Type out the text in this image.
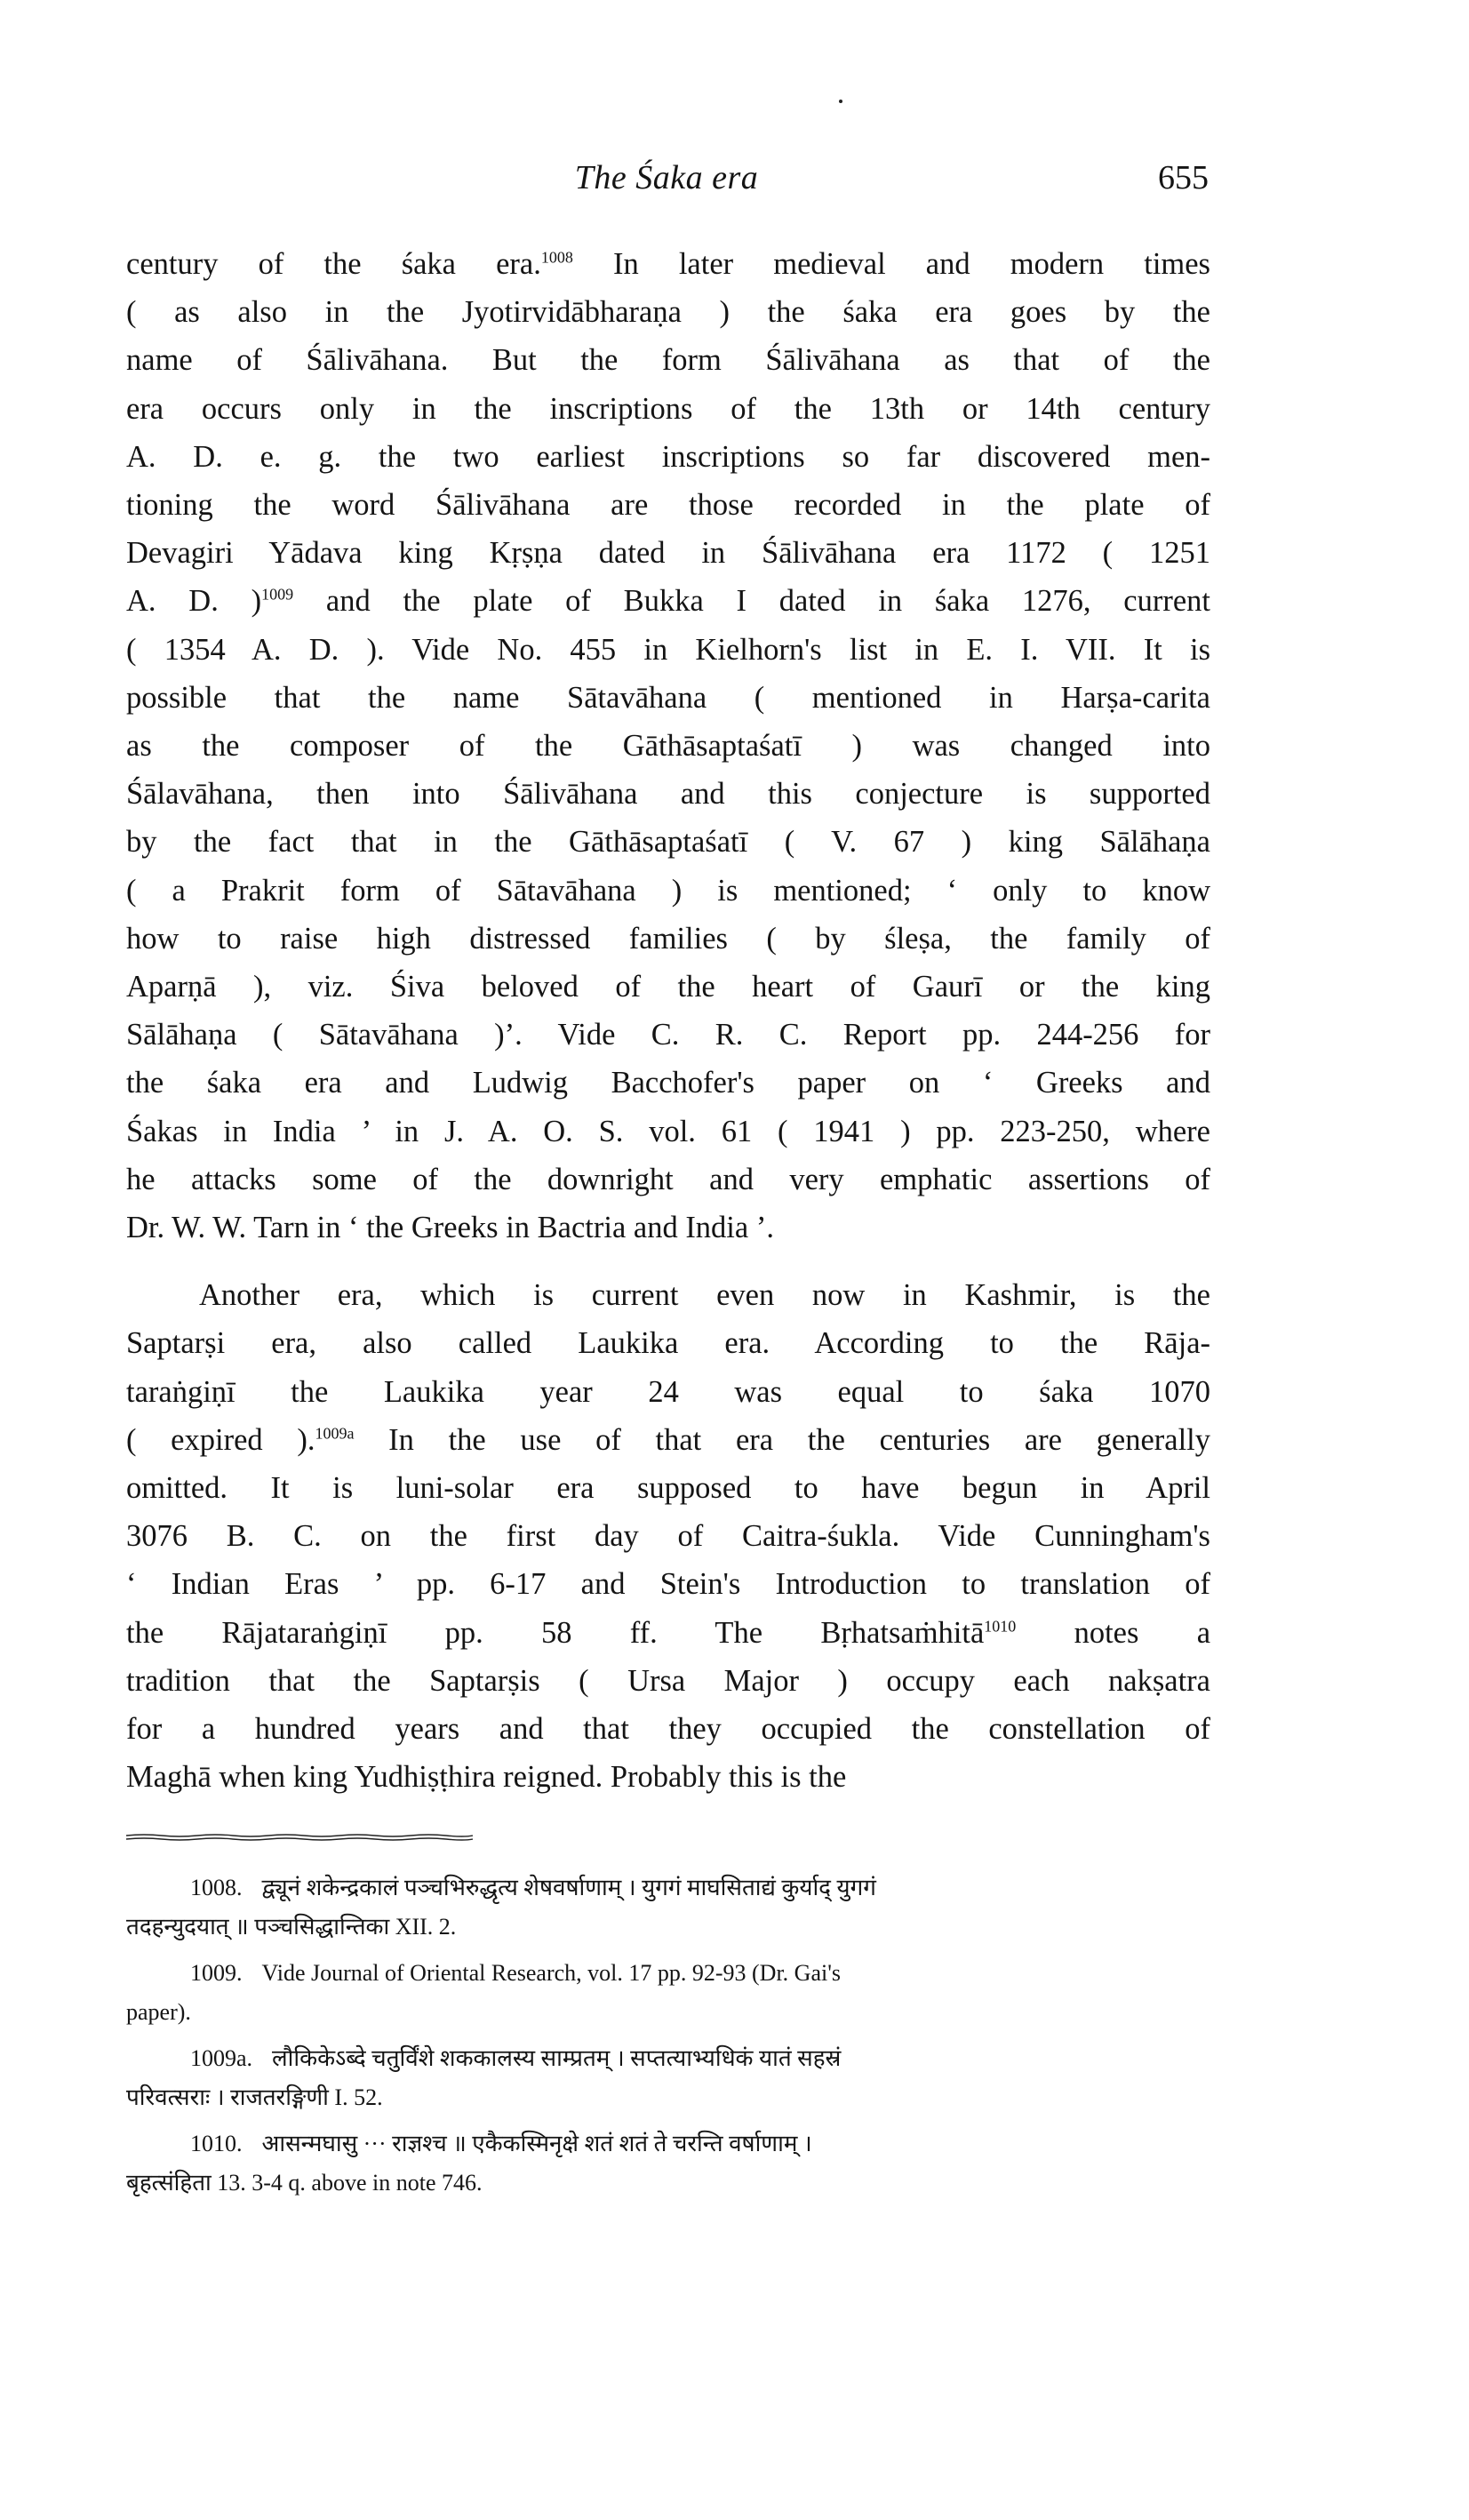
The Śaka era	655

century of the śaka era.$^{1008}$ In later medieval and modern times
( as also in the Jyotirvidābharaṇa ) the śaka era goes by the
name of Śālivāhana. But the form Śālivāhana as that of the
era occurs only in the inscriptions of the 13th or 14th century
A. D. e. g. the two earliest inscriptions so far discovered men-
tioning the word Śālivāhana are those recorded in the plate of
Devagiri Yādava king Kṛṣṇa dated in Śālivāhana era 1172 ( 1251
A. D. )$^{1009}$ and the plate of Bukka I dated in śaka 1276, current
( 1354 A. D. ). Vide No. 455 in Kielhorn's list in E. I. VII. It is
possible that the name Sātavāhana ( mentioned in Harṣa-carita
as the composer of the Gāthāsaptaśatī ) was changed into
Śālavāhana, then into Śālivāhana and this conjecture is supported
by the fact that in the Gāthāsaptaśatī ( V. 67 ) king Sālāhaṇa
( a Prakrit form of Sātavāhana ) is mentioned; ‘ only to know
how to raise high distressed families ( by śleṣa, the family of
Aparṇā ), viz. Śiva beloved of the heart of Gaurī or the king
Sālāhaṇa ( Sātavāhana )’. Vide C. R. C. Report pp. 244-256 for
the śaka era and Ludwig Bacchofer's paper on ‘ Greeks and
Śakas in India ’ in J. A. O. S. vol. 61 ( 1941 ) pp. 223-250, where
he attacks some of the downright and very emphatic assertions of
Dr. W. W. Tarn in ‘ the Greeks in Bactria and India ’.

Another era, which is current even now in Kashmir, is the
Saptarṣi era, also called Laukika era. According to the Rāja-
taraṅgiṇī the Laukika year 24 was equal to śaka 1070
( expired ).$^{1009a}$ In the use of that era the centuries are generally
omitted. It is luni-solar era supposed to have begun in April
3076 B. C. on the first day of Caitra-śukla. Vide Cunningham's
‘ Indian Eras ’ pp. 6-17 and Stein's Introduction to translation of
the Rājataraṅgiṇī pp. 58 ff. The Bṛhatsaṁhitā$^{1010}$ notes a
tradition that the Saptarṣis ( Ursa Major ) occupy each nakṣatra
for a hundred years and that they occupied the constellation of
Maghā when king Yudhiṣṭhira reigned. Probably this is the

1008. द्व्यूनं शकेन्द्रकालं पञ्चभिरुद्धृत्य शेषवर्षाणाम् । युगगं माघसिताद्यं कुर्याद् युगगं
तदहन्युदयात् ॥ पञ्चसिद्धान्तिका XII. 2.
1009. Vide Journal of Oriental Research, vol. 17 pp. 92-93 (Dr. Gai's
paper).
1009a. लौकिकेऽब्दे चतुर्विंशे शककालस्य साम्प्रतम् । सप्तत्याभ्यधिकं यातं सहस्रं
परिवत्सराः । राजतरङ्गिणी I. 52.
1010. आसन्मघासु ··· राज्ञश्च ॥ एकैकस्मिनृक्षे शतं शतं ते चरन्ति वर्षाणाम् ।
बृहत्संहिता 13. 3-4 q. above in note 746.
